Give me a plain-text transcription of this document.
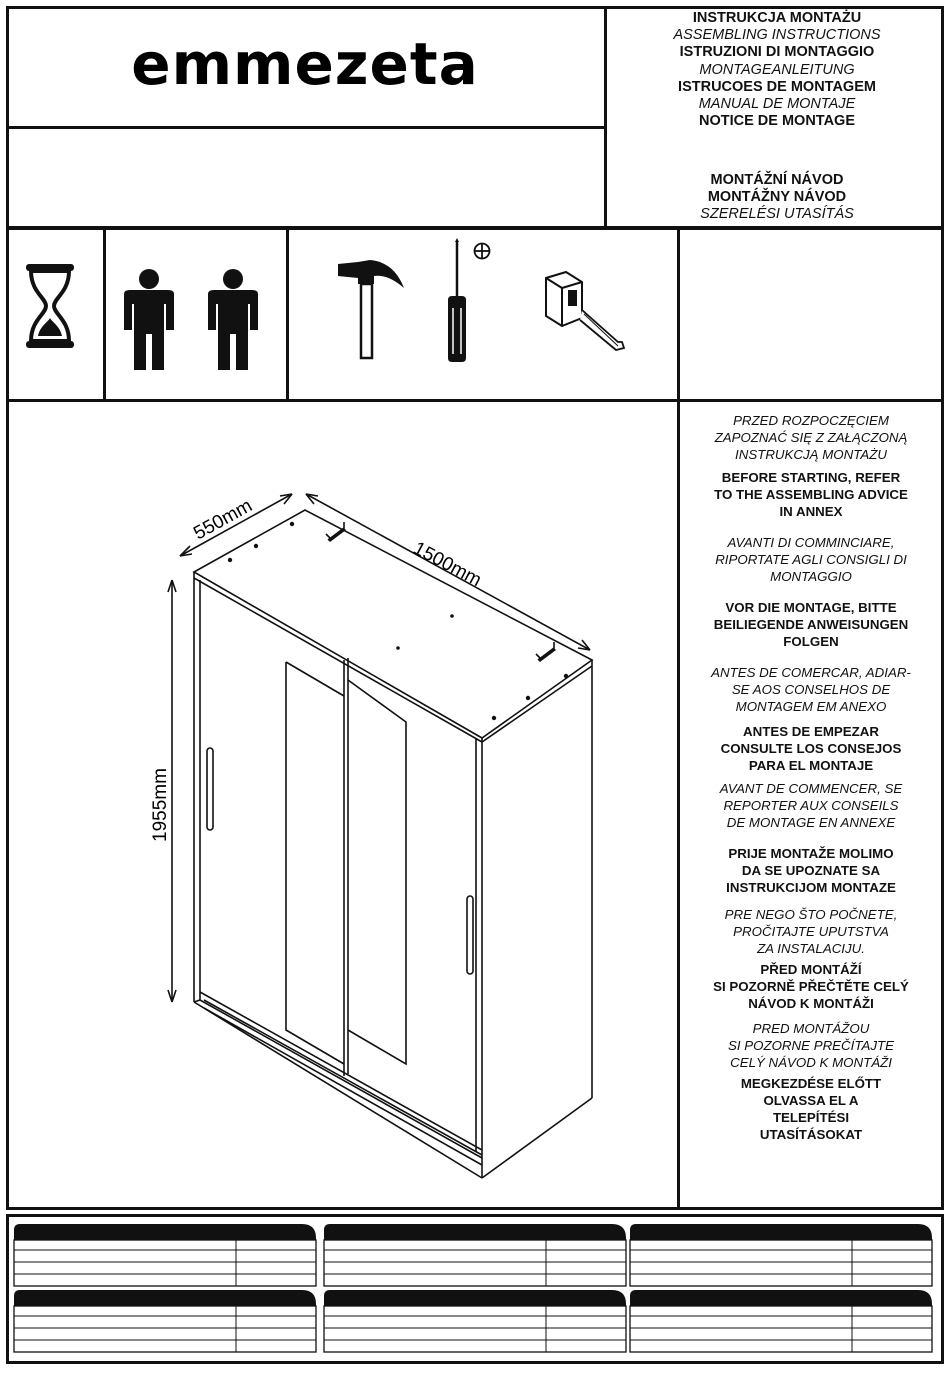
emmezeta
INSTRUKCJA MONTAŻU
ASSEMBLING INSTRUCTIONS
ISTRUZIONI DI MONTAGGIO
MONTAGEANLEITUNG
ISTRUCOES DE MONTAGEM
MANUAL DE MONTAJE
NOTICE DE MONTAGE
MONTÁŽNÍ NÁVOD
MONTÁŽNY NÁVOD
SZERELÉSI UTASÍTÁS
550mm
1500mm
1955mm

PRZED ROZPOCZĘCIEM
ZAPOZNAĆ SIĘ Z ZAŁĄCZONĄ
INSTRUKCJĄ MONTAŻU

BEFORE STARTING, REFER
TO THE ASSEMBLING ADVICE
IN ANNEX

AVANTI DI COMMINCIARE,
RIPORTATE AGLI CONSIGLI DI
MONTAGGIO

VOR DIE MONTAGE, BITTE
BEILIEGENDE ANWEISUNGEN
FOLGEN

ANTES DE COMERCAR, ADIAR-
SE AOS CONSELHOS DE
MONTAGEM EM ANEXO

ANTES DE EMPEZAR
CONSULTE LOS CONSEJOS
PARA EL MONTAJE

AVANT DE COMMENCER, SE
REPORTER AUX CONSEILS
DE MONTAGE EN ANNEXE

PRIJE MONTAŽE MOLIMO
DA SE UPOZNATE SA
INSTRUKCIJOM MONTAZE

PRE NEGO ŠTO POČNETE,
PROČITAJTE UPUTSTVA
ZA INSTALACIJU.

PŘED MONTÁŽÍ
SI POZORNĚ PŘEČTĚTE CELÝ
NÁVOD K MONTÁŽI

PRED MONTÁŽOU
SI POZORNE PREČÍTAJTE
CELÝ NÁVOD K MONTÁŽI

MEGKEZDÉSE ELŐTT
OLVASSA EL A
TELEPÍTÉSI
UTASÍTÁSOKAT
